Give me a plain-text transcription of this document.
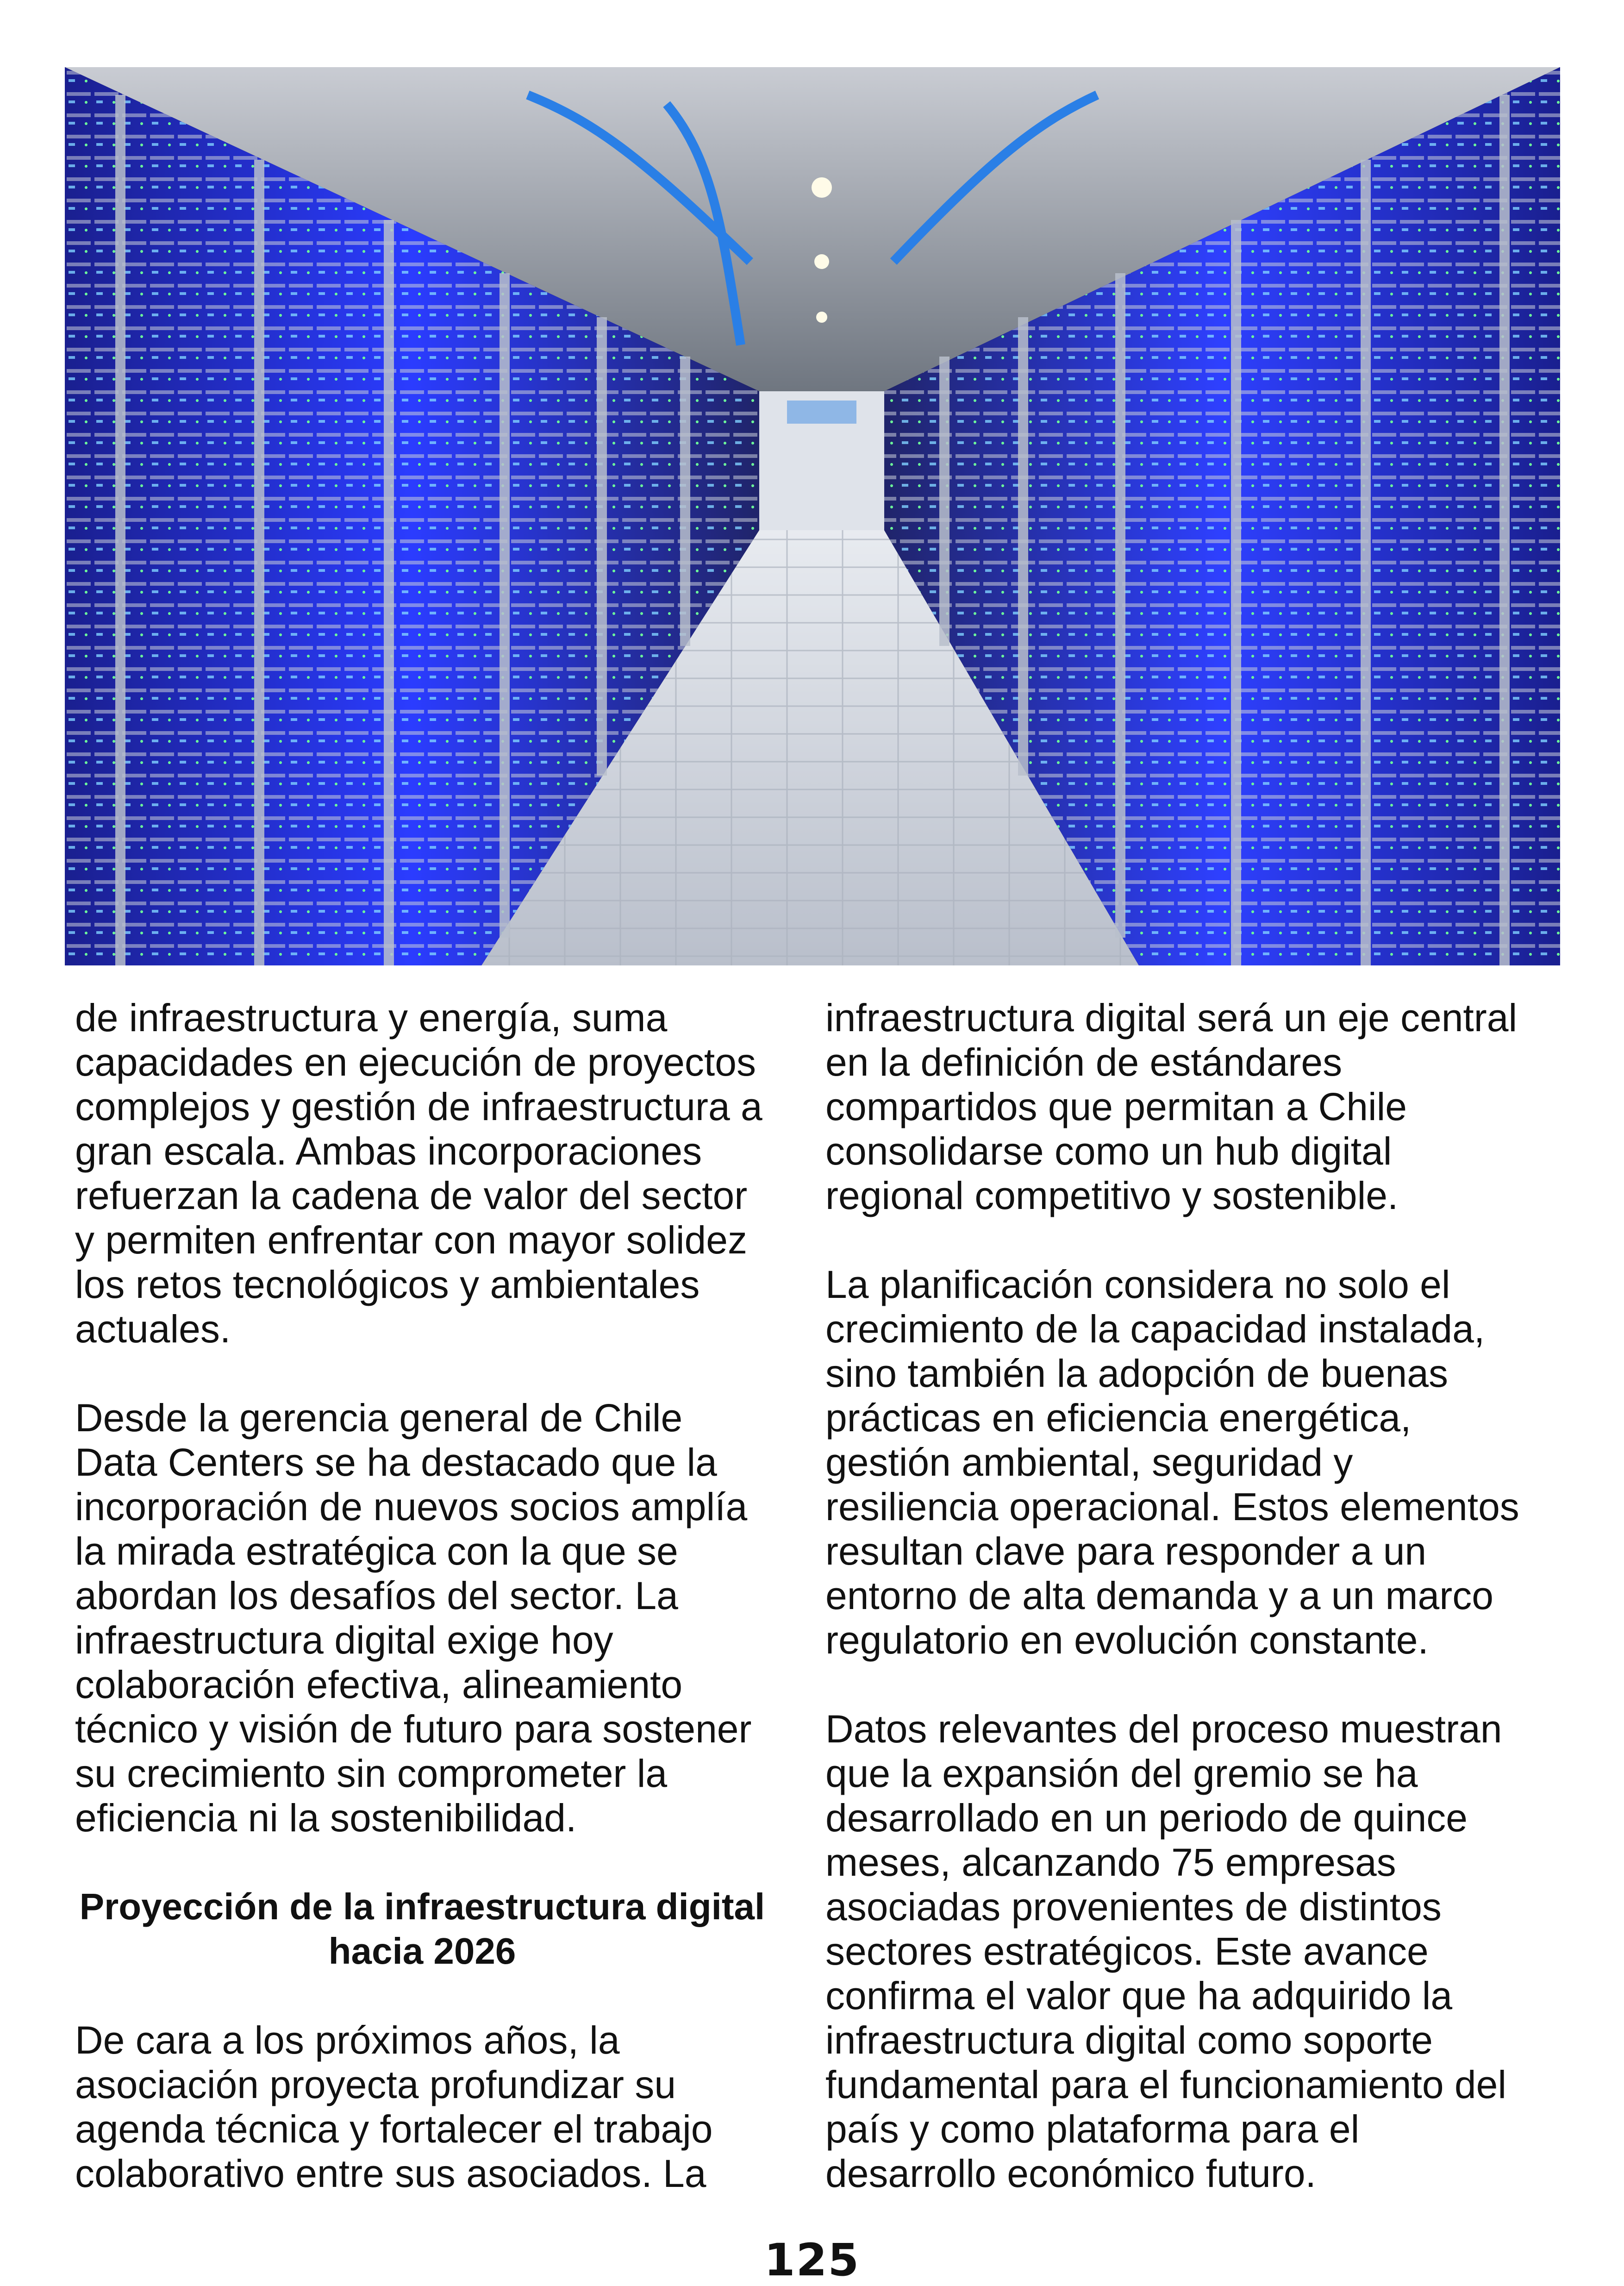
de infraestructura y energía, suma capacidades en ejecución de proyectos complejos y gestión de infraestructura a gran escala. Ambas incorporaciones refuerzan la cadena de valor del sector y permiten enfrentar con mayor solidez los retos tecnológicos y ambientales actuales.

Desde la gerencia general de Chile Data Centers se ha destacado que la incorporación de nuevos socios amplía la mirada estratégica con la que se abordan los desafíos del sector. La infraestructura digital exige hoy colaboración efectiva, alineamiento técnico y visión de futuro para sostener su crecimiento sin comprometer la eficiencia ni la sostenibilidad.

Proyección de la infraestructura digital hacia 2026

De cara a los próximos años, la asociación proyecta profundizar su agenda técnica y fortalecer el trabajo colaborativo entre sus asociados. La

infraestructura digital será un eje central en la definición de estándares compartidos que permitan a Chile consolidarse como un hub digital regional competitivo y sostenible.

La planificación considera no solo el crecimiento de la capacidad instalada, sino también la adopción de buenas prácticas en eficiencia energética, gestión ambiental, seguridad y resiliencia operacional. Estos elementos resultan clave para responder a un entorno de alta demanda y a un marco regulatorio en evolución constante.

Datos relevantes del proceso muestran que la expansión del gremio se ha desarrollado en un periodo de quince meses, alcanzando 75 empresas asociadas provenientes de distintos sectores estratégicos. Este avance confirma el valor que ha adquirido la infraestructura digital como soporte fundamental para el funcionamiento del país y como plataforma para el desarrollo económico futuro.

125
